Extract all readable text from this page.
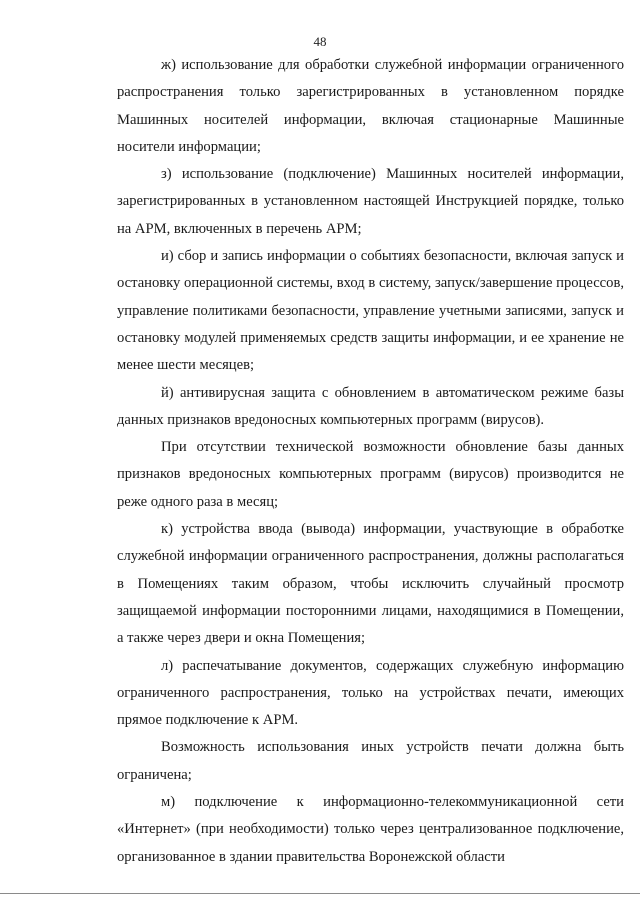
48

ж) использование для обработки служебной информации ограниченного распространения только зарегистрированных в установленном порядке Машинных носителей информации, включая стационарные Машинные носители информации;

з) использование (подключение) Машинных носителей информации, зарегистрированных в установленном настоящей Инструкцией порядке, только на АРМ, включенных в перечень АРМ;

и) сбор и запись информации о событиях безопасности, включая запуск и остановку операционной системы, вход в систему, запуск/завершение процессов, управление политиками безопасности, управление учетными записями, запуск и остановку модулей применяемых средств защиты информации, и ее хранение не менее шести месяцев;

й) антивирусная защита с обновлением в автоматическом режиме базы данных признаков вредоносных компьютерных программ (вирусов).

При отсутствии технической возможности обновление базы данных признаков вредоносных компьютерных программ (вирусов) производится не реже одного раза в месяц;

к) устройства ввода (вывода) информации, участвующие в обработке служебной информации ограниченного распространения, должны располагаться в Помещениях таким образом, чтобы исключить случайный просмотр защищаемой информации посторонними лицами, находящимися в Помещении, а также через двери и окна Помещения;

л) распечатывание документов, содержащих служебную информацию ограниченного распространения, только на устройствах печати, имеющих прямое подключение к АРМ.

Возможность использования иных устройств печати должна быть ограничена;

м) подключение к информационно-телекоммуникационной сети «Интернет» (при необходимости) только через централизованное подключение, организованное в здании правительства Воронежской области
